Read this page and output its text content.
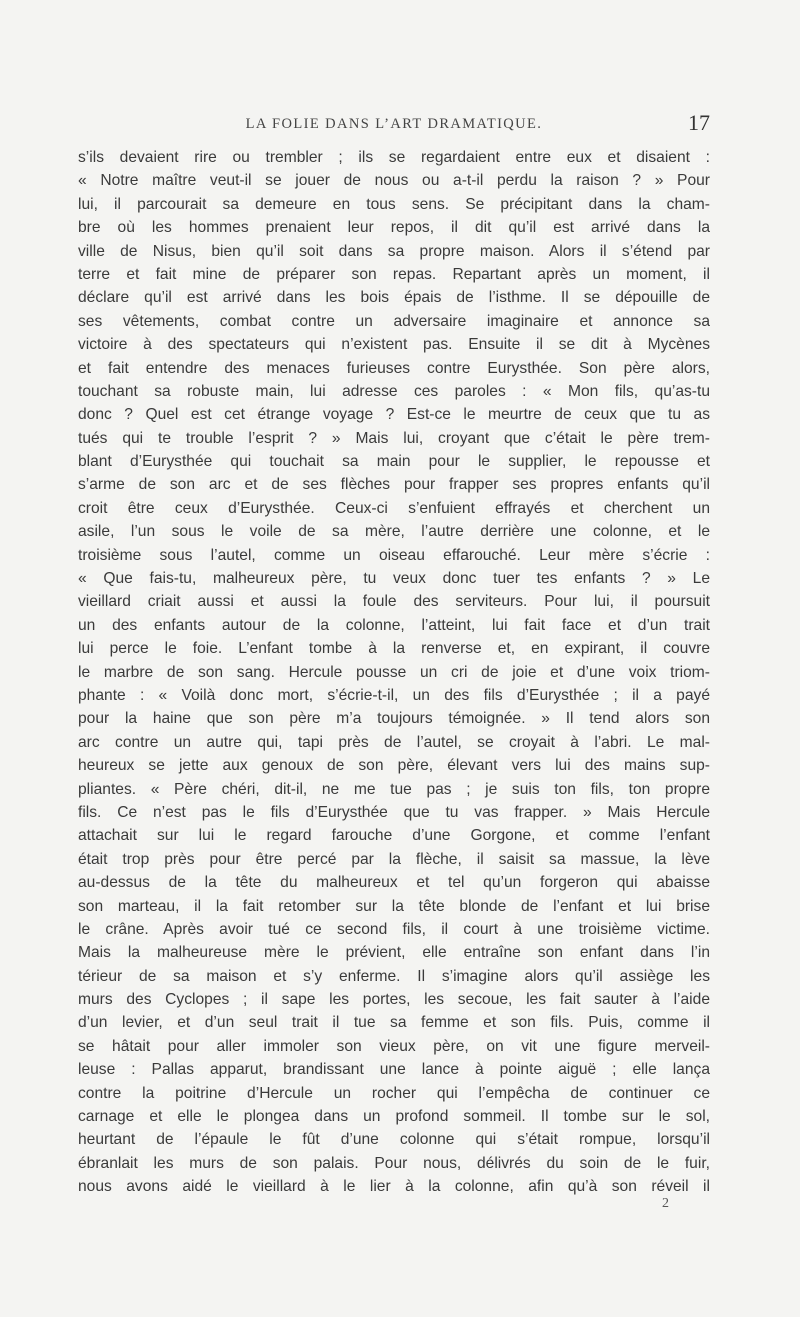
LA FOLIE DANS L’ART DRAMATIQUE.	17
s’ils devaient rire ou trembler ; ils se regardaient entre eux et disaient :
« Notre maître veut-il se jouer de nous ou a-t-il perdu la raison ? » Pour
lui, il parcourait sa demeure en tous sens. Se précipitant dans la cham-
bre où les hommes prenaient leur repos, il dit qu’il est arrivé dans la
ville de Nisus, bien qu’il soit dans sa propre maison. Alors il s’étend par
terre et fait mine de préparer son repas. Repartant après un moment, il
déclare qu’il est arrivé dans les bois épais de l’isthme. Il se dépouille de
ses vêtements, combat contre un adversaire imaginaire et annonce sa
victoire à des spectateurs qui n’existent pas. Ensuite il se dit à Mycènes
et fait entendre des menaces furieuses contre Eurysthée. Son père alors,
touchant sa robuste main, lui adresse ces paroles : « Mon fils, qu’as-tu
donc ? Quel est cet étrange voyage ? Est-ce le meurtre de ceux que tu as
tués qui te trouble l’esprit ? » Mais lui, croyant que c’était le père trem-
blant d’Eurysthée qui touchait sa main pour le supplier, le repousse et
s’arme de son arc et de ses flèches pour frapper ses propres enfants qu’il
croit être ceux d’Eurysthée. Ceux-ci s’enfuient effrayés et cherchent un
asile, l’un sous le voile de sa mère, l’autre derrière une colonne, et le
troisième sous l’autel, comme un oiseau effarouché. Leur mère s’écrie :
« Que fais-tu, malheureux père, tu veux donc tuer tes enfants ? » Le
vieillard criait aussi et aussi la foule des serviteurs. Pour lui, il poursuit
un des enfants autour de la colonne, l’atteint, lui fait face et d’un trait
lui perce le foie. L’enfant tombe à la renverse et, en expirant, il couvre
le marbre de son sang. Hercule pousse un cri de joie et d’une voix triom-
phante : « Voilà donc mort, s’écrie-t-il, un des fils d’Eurysthée ; il a payé
pour la haine que son père m’a toujours témoignée. » Il tend alors son
arc contre un autre qui, tapi près de l’autel, se croyait à l’abri. Le mal-
heureux se jette aux genoux de son père, élevant vers lui des mains sup-
pliantes. « Père chéri, dit-il, ne me tue pas ; je suis ton fils, ton propre
fils. Ce n’est pas le fils d’Eurysthée que tu vas frapper. » Mais Hercule
attachait sur lui le regard farouche d’une Gorgone, et comme l’enfant
était trop près pour être percé par la flèche, il saisit sa massue, la lève
au-dessus de la tête du malheureux et tel qu’un forgeron qui abaisse
son marteau, il la fait retomber sur la tête blonde de l’enfant et lui brise
le crâne. Après avoir tué ce second fils, il court à une troisième victime.
Mais la malheureuse mère le prévient, elle entraîne son enfant dans l’in
térieur de sa maison et s’y enferme. Il s’imagine alors qu’il assiège les
murs des Cyclopes ; il sape les portes, les secoue, les fait sauter à l’aide
d’un levier, et d’un seul trait il tue sa femme et son fils. Puis, comme il
se hâtait pour aller immoler son vieux père, on vit une figure merveil-
leuse : Pallas apparut, brandissant une lance à pointe aiguë ; elle lança
contre la poitrine d’Hercule un rocher qui l’empêcha de continuer ce
carnage et elle le plongea dans un profond sommeil. Il tombe sur le sol,
heurtant de l’épaule le fût d’une colonne qui s’était rompue, lorsqu’il
ébranlait les murs de son palais. Pour nous, délivrés du soin de le fuir,
nous avons aidé le vieillard à le lier à la colonne, afin qu’à son réveil il
2
